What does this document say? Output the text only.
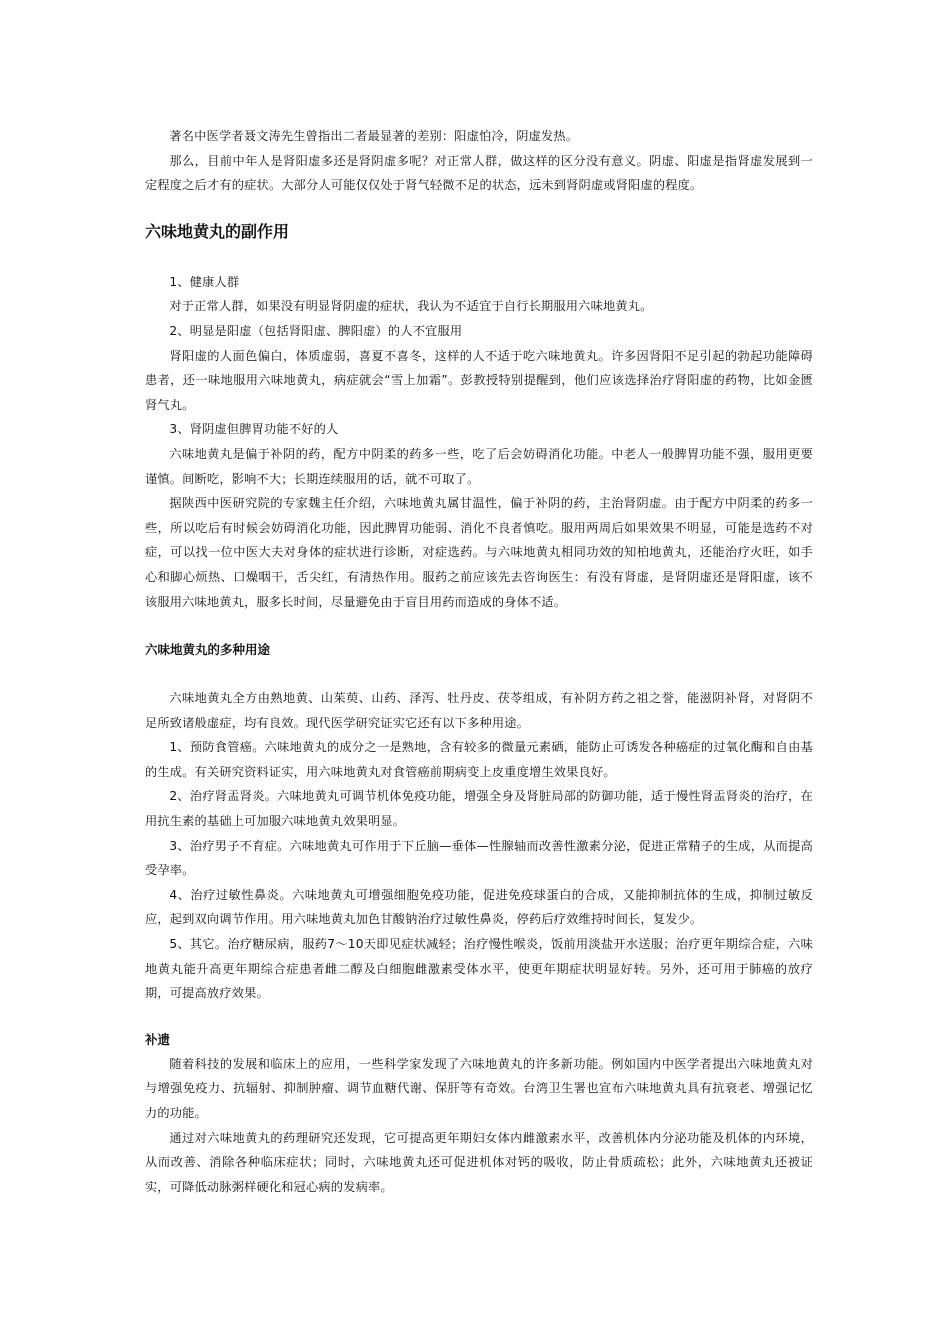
著名中医学者聂文涛先生曾指出二者最显著的差别：阳虚怕冷，阴虚发热。

那么，目前中年人是肾阳虚多还是肾阴虚多呢？对正常人群，做这样的区分没有意义。阴虚、阳虚是指肾虚发展到一定程度之后才有的症状。大部分人可能仅仅处于肾气轻微不足的状态，远未到肾阴虚或肾阳虚的程度。

六味地黄丸的副作用

1、健康人群

对于正常人群，如果没有明显肾阴虚的症状，我认为不适宜于自行长期服用六味地黄丸。

2、明显是阳虚（包括肾阳虚、脾阳虚）的人不宜服用

肾阳虚的人面色偏白，体质虚弱，喜夏不喜冬，这样的人不适于吃六味地黄丸。许多因肾阳不足引起的勃起功能障碍患者，还一味地服用六味地黄丸，病症就会“雪上加霜”。彭教授特别提醒到，他们应该选择治疗肾阳虚的药物，比如金匮肾气丸。

3、肾阴虚但脾胃功能不好的人

六味地黄丸是偏于补阴的药，配方中阴柔的药多一些，吃了后会妨碍消化功能。中老人一般脾胃功能不强，服用更要谨慎。间断吃，影响不大；长期连续服用的话，就不可取了。

据陕西中医研究院的专家魏主任介绍，六味地黄丸属甘温性，偏于补阴的药，主治肾阴虚。由于配方中阴柔的药多一些，所以吃后有时候会妨碍消化功能，因此脾胃功能弱、消化不良者慎吃。服用两周后如果效果不明显，可能是选药不对症，可以找一位中医大夫对身体的症状进行诊断，对症选药。与六味地黄丸相同功效的知柏地黄丸，还能治疗火旺，如手心和脚心烦热、口燥咽干，舌尖红，有清热作用。服药之前应该先去咨询医生：有没有肾虚，是肾阴虚还是肾阳虚，该不该服用六味地黄丸，服多长时间，尽量避免由于盲目用药而造成的身体不适。

六味地黄丸的多种用途

六味地黄丸全方由熟地黄、山茱萸、山药、泽泻、牡丹皮、茯苓组成，有补阴方药之祖之誉，能滋阴补肾，对肾阴不足所致诸般虚症，均有良效。现代医学研究证实它还有以下多种用途。

1、预防食管癌。六味地黄丸的成分之一是熟地，含有较多的微量元素硒，能防止可诱发各种癌症的过氧化酶和自由基的生成。有关研究资料证实，用六味地黄丸对食管癌前期病变上皮重度增生效果良好。

2、治疗肾盂肾炎。六味地黄丸可调节机体免疫功能，增强全身及肾脏局部的防御功能，适于慢性肾盂肾炎的治疗，在用抗生素的基础上可加服六味地黄丸效果明显。

3、治疗男子不育症。六味地黄丸可作用于下丘脑—垂体—性腺轴而改善性激素分泌，促进正常精子的生成，从而提高受孕率。

4、治疗过敏性鼻炎。六味地黄丸可增强细胞免疫功能，促进免疫球蛋白的合成，又能抑制抗体的生成，抑制过敏反应，起到双向调节作用。用六味地黄丸加色甘酸钠治疗过敏性鼻炎，停药后疗效维持时间长，复发少。

5、其它。治疗糖尿病，服药7～10天即见症状减轻；治疗慢性喉炎，饭前用淡盐开水送服；治疗更年期综合症，六味地黄丸能升高更年期综合症患者雌二醇及白细胞雌激素受体水平，使更年期症状明显好转。另外，还可用于肺癌的放疗期，可提高放疗效果。

补遗

随着科技的发展和临床上的应用，一些科学家发现了六味地黄丸的许多新功能。例如国内中医学者提出六味地黄丸对与增强免疫力、抗辐射、抑制肿瘤、调节血糖代谢、保肝等有奇效。台湾卫生署也宣布六味地黄丸具有抗衰老、增强记忆力的功能。

通过对六味地黄丸的药理研究还发现，它可提高更年期妇女体内雌激素水平，改善机体内分泌功能及机体的内环境，从而改善、消除各种临床症状；同时，六味地黄丸还可促进机体对钙的吸收，防止骨质疏松；此外，六味地黄丸还被证实，可降低动脉粥样硬化和冠心病的发病率。
